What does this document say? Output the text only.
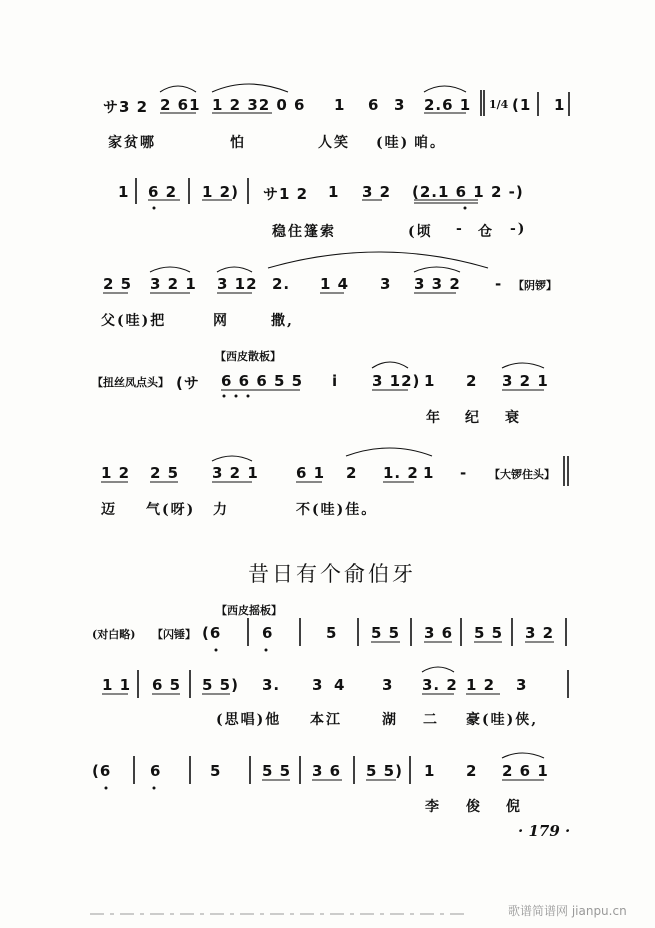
サ3 2 2 61 1 2 32 0 6 1 6 3 2.6 1 1/4 (1 1
家贫哪	怕	人笑 (哇) 咱。
1 6 2 1 2) サ1 2 1 3 2 (2.1 6 1 2 -)
稳住篷索	(顷 - 仓 -)
2 5 3 2 1 3 12 2. 1 4 3 3 3 2 - 【阴锣】
父(哇)把	网	撒,
【西皮散板】
【扭丝凤点头】 (サ 6 6 6 5 5 i 3 12) 1 2 3 2 1
年 纪 衰
1 2 2 5 3 2 1 6 1 2 1. 2 1 - 【大锣住头】
迈 气(呀) 力	不(哇)佳。
昔日有个俞伯牙
【西皮摇板】
(对白略) 【闪锤】 (6	6	5 5 5 3 6 5 5 3 2
1 1 6 5 5 5) 3. 3 4 3 3. 2 1 2 3
(思唱)他 本江	湖 二 豪(哇)侠,
(6	6	5	5 5 3 6 5 5) 1 2 2 6 1
李 俊 倪
· 179 ·
歌谱简谱网 jianpu.cn
